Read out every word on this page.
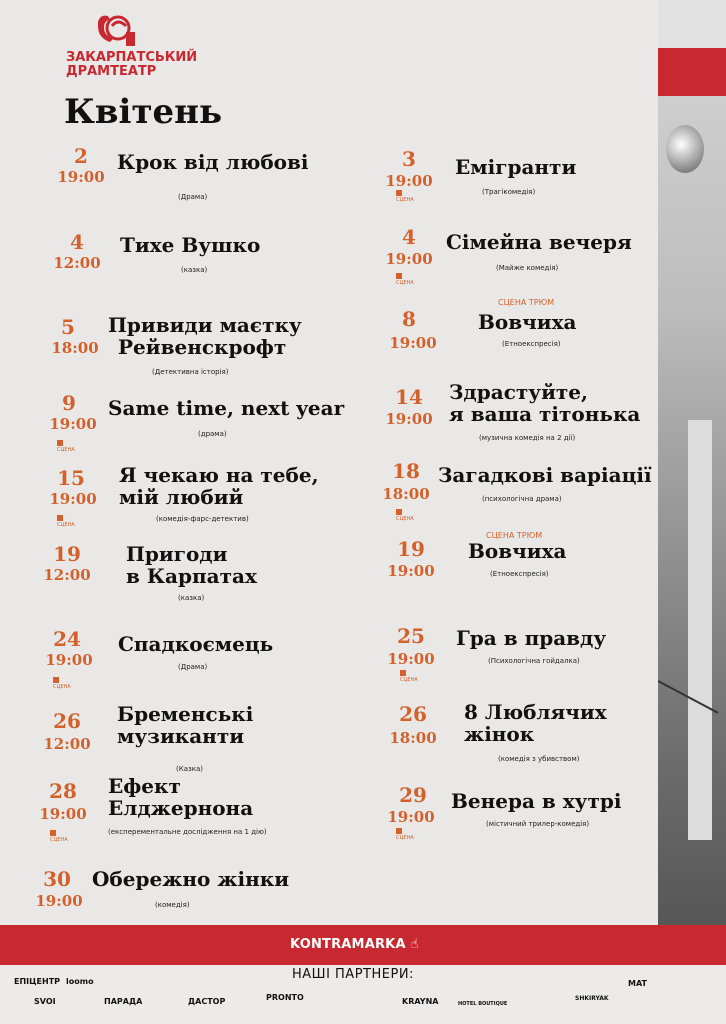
ЗАКАРПАТСЬКИЙ
ДРАМТЕАТР
Квітень
2
19:00
Крок від любові
(Драма)
4
12:00
Тихе Вушко
(казка)
5
18:00
Привиди маєтку
Рейвенскрофт
(Детективна історія)
9
19:00
СЦЕНА
Same time, next year
(драма)
15
19:00
СЦЕНА
Я чекаю на тебе,
мій любий
(комедія-фарс-детектив)
19
12:00
Пригоди
в Карпатах
(казка)
24
19:00
СЦЕНА
Спадкоємець
(Драма)
26
12:00
Бременські
музиканти
(Казка)
28
19:00
СЦЕНА
Ефект
Елджернона
(експерементальне дослідження на 1 дію)
30
19:00
Обережно жінки
(комедія)
3
19:00
СЦЕНА
Емігранти
(Трагікомедія)
4
19:00
СЦЕНА
Сімейна вечеря
(Майже комедія)
СЦЕНА ТРЮМ
8
19:00
Вовчиха
(Етноекспресія)
14
19:00
Здрастуйте,
я ваша тітонька
(музична комедія на 2 дії)
18
18:00
СЦЕНА
Загадкові варіації
(психологічна драма)
СЦЕНА ТРЮМ
19
19:00
Вовчиха
(Етноекспресія)
25
19:00
СЦЕНА
Гра в правду
(Психологічна гойдалка)
26
18:00
8 Люблячих
жінок
(комедія з убивством)
29
19:00
СЦЕНА
Венера в хутрі
(містичний трилер-комедія)
KONTRAMARKA ☝
НАШІ ПАРТНЕРИ:
ЕПІЦЕНТР loomo
SVOI	ПАРАДА	ДАСТОР	PRONTO	KRAYNA	HOTEL BOUTIQUE
SHKIRYAK
MAT
